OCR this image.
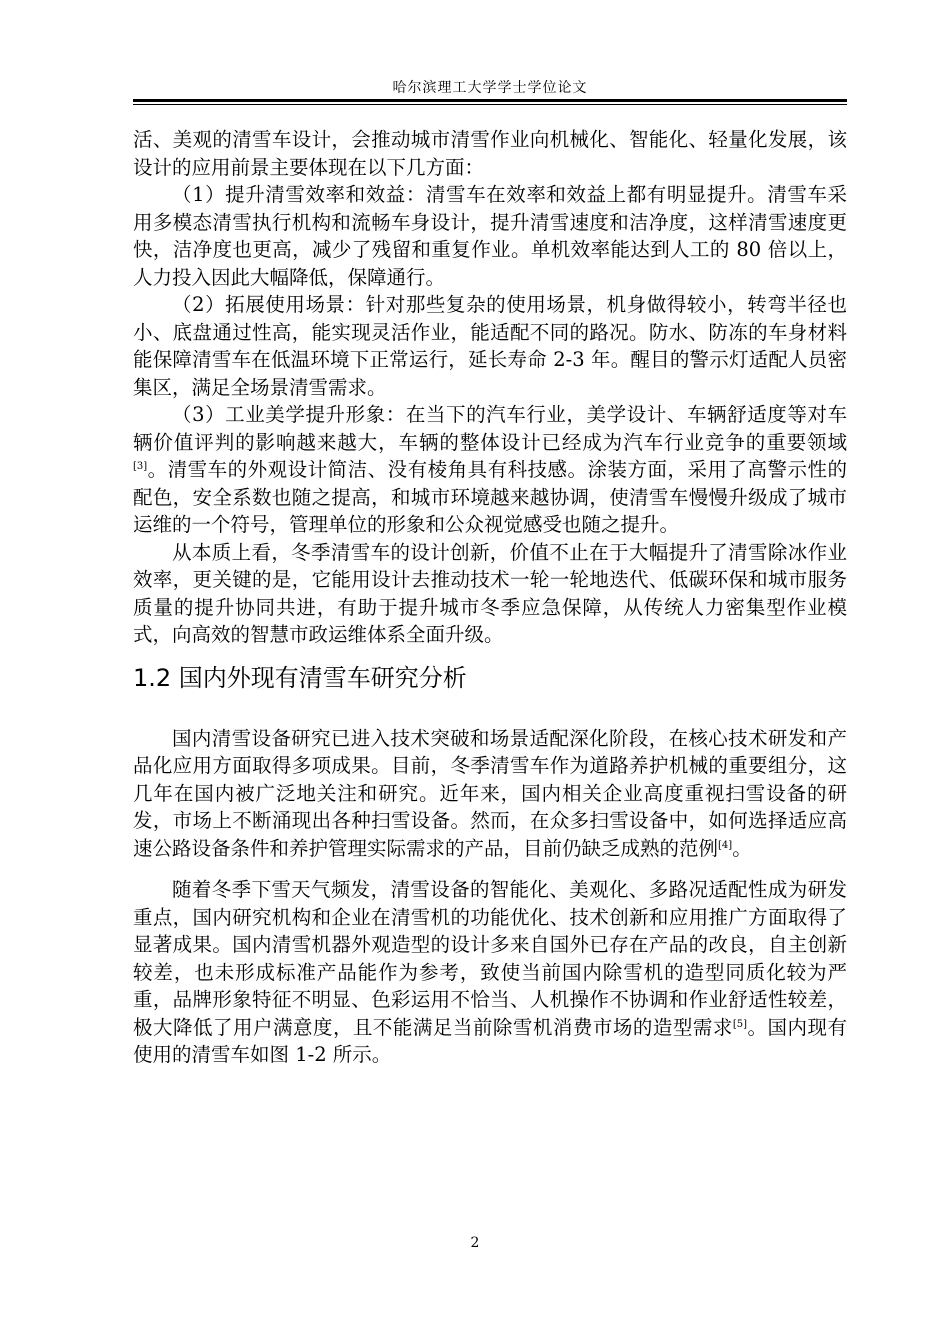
哈尔滨理工大学学士学位论文

活、美观的清雪车设计，会推动城市清雪作业向机械化、智能化、轻量化发展，该设计的应用前景主要体现在以下几方面：

（1）提升清雪效率和效益：清雪车在效率和效益上都有明显提升。清雪车采用多模态清雪执行机构和流畅车身设计，提升清雪速度和洁净度，这样清雪速度更快，洁净度也更高，减少了残留和重复作业。单机效率能达到人工的 80 倍以上，人力投入因此大幅降低，保障通行。

（2）拓展使用场景：针对那些复杂的使用场景，机身做得较小，转弯半径也小、底盘通过性高，能实现灵活作业，能适配不同的路况。防水、防冻的车身材料能保障清雪车在低温环境下正常运行，延长寿命 2-3 年。醒目的警示灯适配人员密集区，满足全场景清雪需求。

（3）工业美学提升形象：在当下的汽车行业，美学设计、车辆舒适度等对车辆价值评判的影响越来越大，车辆的整体设计已经成为汽车行业竞争的重要领域[3]。清雪车的外观设计简洁、没有棱角具有科技感。涂装方面，采用了高警示性的配色，安全系数也随之提高，和城市环境越来越协调，使清雪车慢慢升级成了城市运维的一个符号，管理单位的形象和公众视觉感受也随之提升。

从本质上看，冬季清雪车的设计创新，价值不止在于大幅提升了清雪除冰作业效率，更关键的是，它能用设计去推动技术一轮一轮地迭代、低碳环保和城市服务质量的提升协同共进，有助于提升城市冬季应急保障，从传统人力密集型作业模式，向高效的智慧市政运维体系全面升级。

1.2 国内外现有清雪车研究分析

国内清雪设备研究已进入技术突破和场景适配深化阶段，在核心技术研发和产品化应用方面取得多项成果。目前，冬季清雪车作为道路养护机械的重要组分，这几年在国内被广泛地关注和研究。近年来，国内相关企业高度重视扫雪设备的研发，市场上不断涌现出各种扫雪设备。然而，在众多扫雪设备中，如何选择适应高速公路设备条件和养护管理实际需求的产品，目前仍缺乏成熟的范例[4]。

随着冬季下雪天气频发，清雪设备的智能化、美观化、多路况适配性成为研发重点，国内研究机构和企业在清雪机的功能优化、技术创新和应用推广方面取得了显著成果。国内清雪机器外观造型的设计多来自国外已存在产品的改良，自主创新较差，也未形成标准产品能作为参考，致使当前国内除雪机的造型同质化较为严重，品牌形象特征不明显、色彩运用不恰当、人机操作不协调和作业舒适性较差，极大降低了用户满意度，且不能满足当前除雪机消费市场的造型需求[5]。国内现有使用的清雪车如图 1-2 所示。

2
